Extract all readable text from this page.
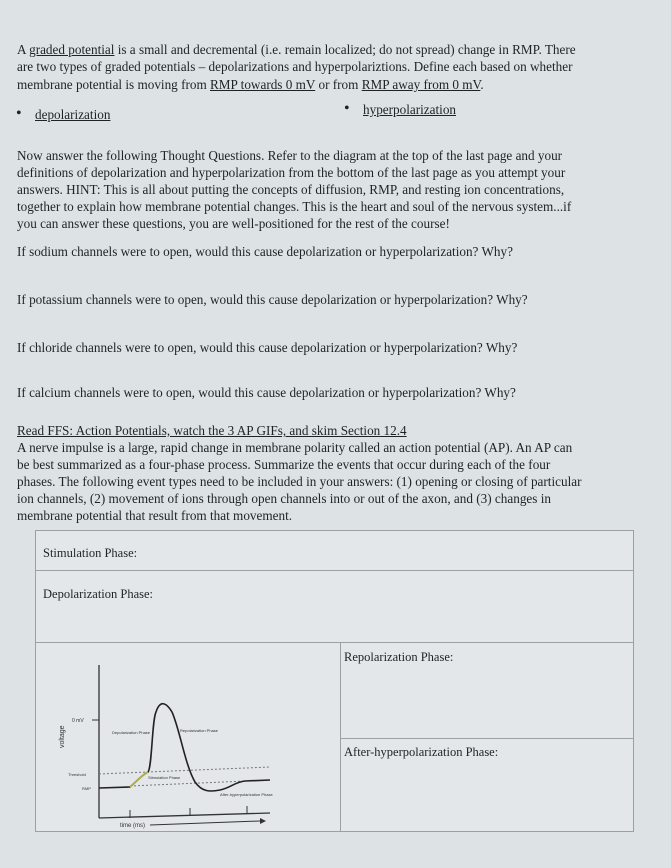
A graded potential is a small and decremental (i.e. remain localized; do not spread) change in RMP. There
are two types of graded potentials – depolarizations and hyperpolariztions. Define each based on whether
membrane potential is moving from RMP towards 0 mV or from RMP away from 0 mV.
• depolarization	• hyperpolarization
Now answer the following Thought Questions. Refer to the diagram at the top of the last page and your
definitions of depolarization and hyperpolarization from the bottom of the last page as you attempt your
answers. HINT: This is all about putting the concepts of diffusion, RMP, and resting ion concentrations,
together to explain how membrane potential changes. This is the heart and soul of the nervous system...if
you can answer these questions, you are well-positioned for the rest of the course!
If sodium channels were to open, would this cause depolarization or hyperpolarization? Why?
If potassium channels were to open, would this cause depolarization or hyperpolarization? Why?
If chloride channels were to open, would this cause depolarization or hyperpolarization? Why?
If calcium channels were to open, would this cause depolarization or hyperpolarization? Why?
Read FFS: Action Potentials, watch the 3 AP GIFs, and skim Section 12.4
A nerve impulse is a large, rapid change in membrane polarity called an action potential (AP). An AP can
be best summarized as a four-phase process. Summarize the events that occur during each of the four
phases. The following event types need to be included in your answers: (1) opening or closing of particular
ion channels, (2) movement of ions through open channels into or out of the axon, and (3) changes in
membrane potential that result from that movement.
Stimulation Phase:
Depolarization Phase:
Repolarization Phase:
After-hyperpolarization Phase:
voltage
0 mV
Threshold
RMP
Depolarization Phase	Repolarization Phase
Stimulation Phase
After-hyperpolarization Phase
time (ms)
